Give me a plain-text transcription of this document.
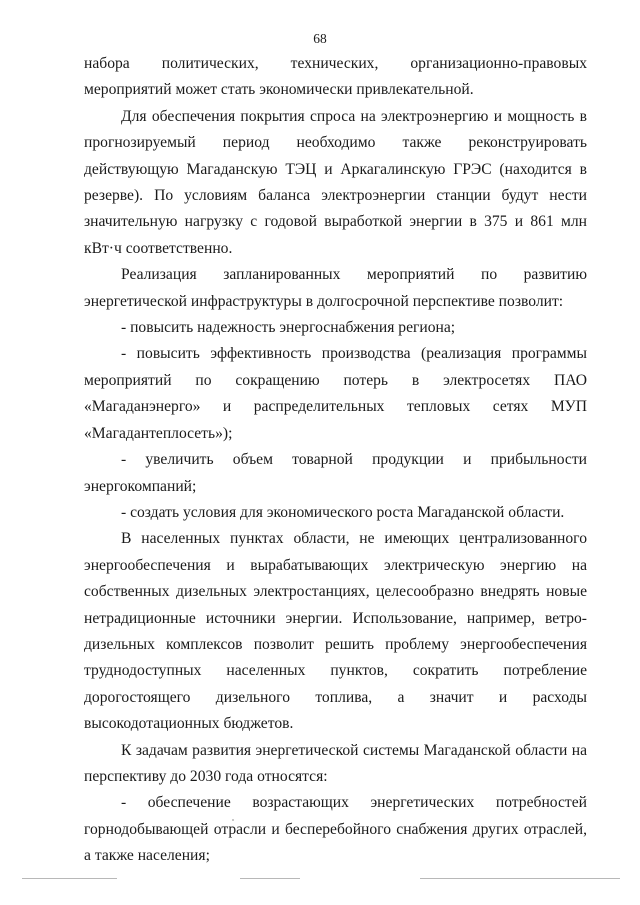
68

набора политических, технических, организационно-правовых мероприятий может стать экономически привлекательной.

Для обеспечения покрытия спроса на электроэнергию и мощность в прогнозируемый период необходимо также реконструировать действующую Магаданскую ТЭЦ и Аркагалинскую ГРЭС (находится в резерве). По условиям баланса электроэнергии станции будут нести значительную нагрузку с годовой выработкой энергии в 375 и 861 млн кВт·ч соответственно.

Реализация запланированных мероприятий по развитию энергетической инфраструктуры в долгосрочной перспективе позволит:

- повысить надежность энергоснабжения региона;

- повысить эффективность производства (реализация программы мероприятий по сокращению потерь в электросетях ПАО «Магаданэнерго» и распределительных тепловых сетях МУП «Магадантеплосеть»);

- увеличить объем товарной продукции и прибыльности энергокомпаний;

- создать условия для экономического роста Магаданской области.

В населенных пунктах области, не имеющих централизованного энергообеспечения и вырабатывающих электрическую энергию на собственных дизельных электростанциях, целесообразно внедрять новые нетрадиционные источники энергии. Использование, например, ветро-дизельных комплексов позволит решить проблему энергообеспечения труднодоступных населенных пунктов, сократить потребление дорогостоящего дизельного топлива, а значит и расходы высокодотационных бюджетов.

К задачам развития энергетической системы Магаданской области на перспективу до 2030 года относятся:

- обеспечение возрастающих энергетических потребностей горнодобывающей отрасли и бесперебойного снабжения других отраслей, а также населения;
